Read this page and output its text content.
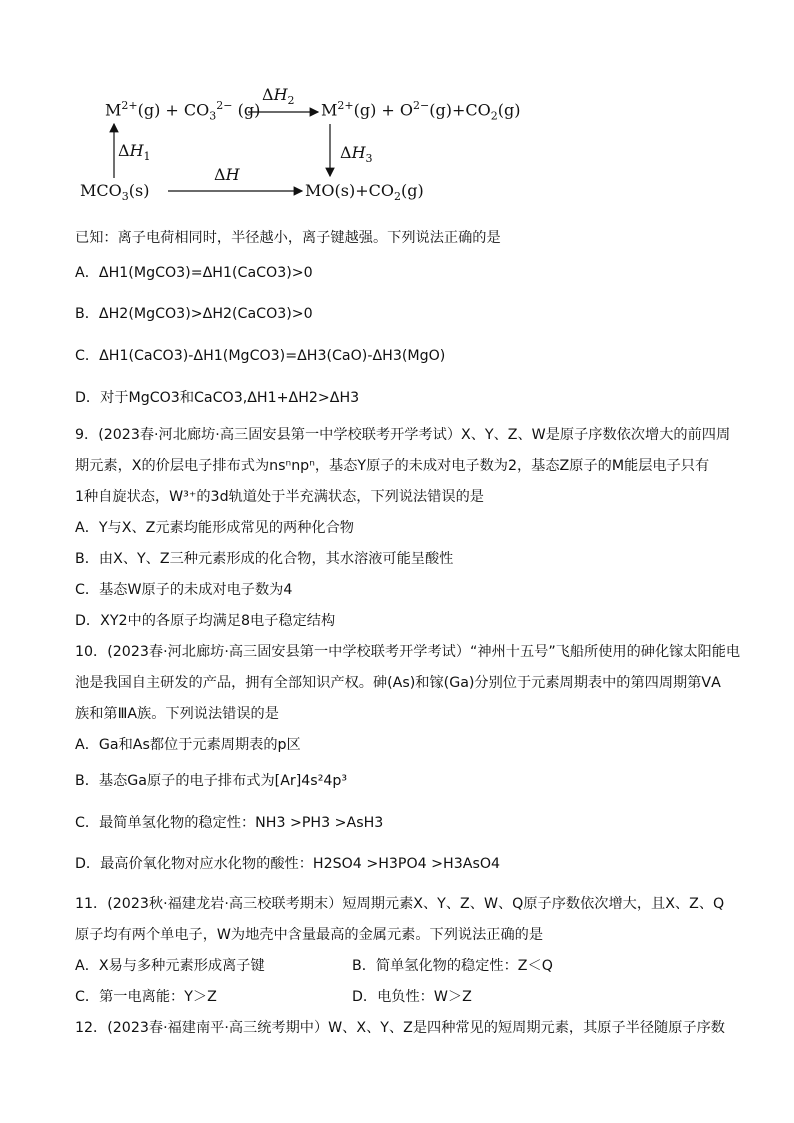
$M^{2+}(g) + CO_3^{2-}$ (g)	$M^{2+}(g) + O^{2-}(g)+CO_2(g)$
$MCO_3(s)$	$MO(s)+CO_2(g)$
$\Delta H_2$
ΔH
$\Delta H_1$	$\Delta H_3$
已知：离子电荷相同时，半径越小，离子键越强。下列说法正确的是
A．ΔH1(MgCO3)=ΔH1(CaCO3)>0
B．ΔH2(MgCO3)>ΔH2(CaCO3)>0
C．ΔH1(CaCO3)-ΔH1(MgCO3)=ΔH3(CaO)-ΔH3(MgO)
D．对于MgCO3和CaCO3,ΔH1+ΔH2>ΔH3
9．(2023春·河北廊坊·高三固安县第一中学校联考开学考试）X、Y、Z、W是原子序数依次增大的前四周
期元素，X的价层电子排布式为nsⁿnpⁿ，基态Y原子的未成对电子数为2，基态Z原子的M能层电子只有
1种自旋状态，W³⁺的3d轨道处于半充满状态，下列说法错误的是
A．Y与X、Z元素均能形成常见的两种化合物
B．由X、Y、Z三种元素形成的化合物，其水溶液可能呈酸性
C．基态W原子的未成对电子数为4
D．XY2中的各原子均满足8电子稳定结构
10．(2023春·河北廊坊·高三固安县第一中学校联考开学考试）“神州十五号”飞船所使用的砷化镓太阳能电
池是我国自主研发的产品，拥有全部知识产权。砷(As)和镓(Ga)分别位于元素周期表中的第四周期第ⅤA
族和第ⅢA族。下列说法错误的是
A．Ga和As都位于元素周期表的p区
B．基态Ga原子的电子排布式为[Ar]4s²4p³
C．最简单氢化物的稳定性：NH3 >PH3 >AsH3
D．最高价氧化物对应水化物的酸性：H2SO4 >H3PO4 >H3AsO4
11．(2023秋·福建龙岩·高三校联考期末）短周期元素X、Y、Z、W、Q原子序数依次增大，且X、Z、Q
原子均有两个单电子，W为地壳中含量最高的金属元素。下列说法正确的是
A．X易与多种元素形成离子键	B．简单氢化物的稳定性：Z＜Q
C．第一电离能：Y＞Z	D．电负性：W＞Z
12．(2023春·福建南平·高三统考期中）W、X、Y、Z是四种常见的短周期元素，其原子半径随原子序数
